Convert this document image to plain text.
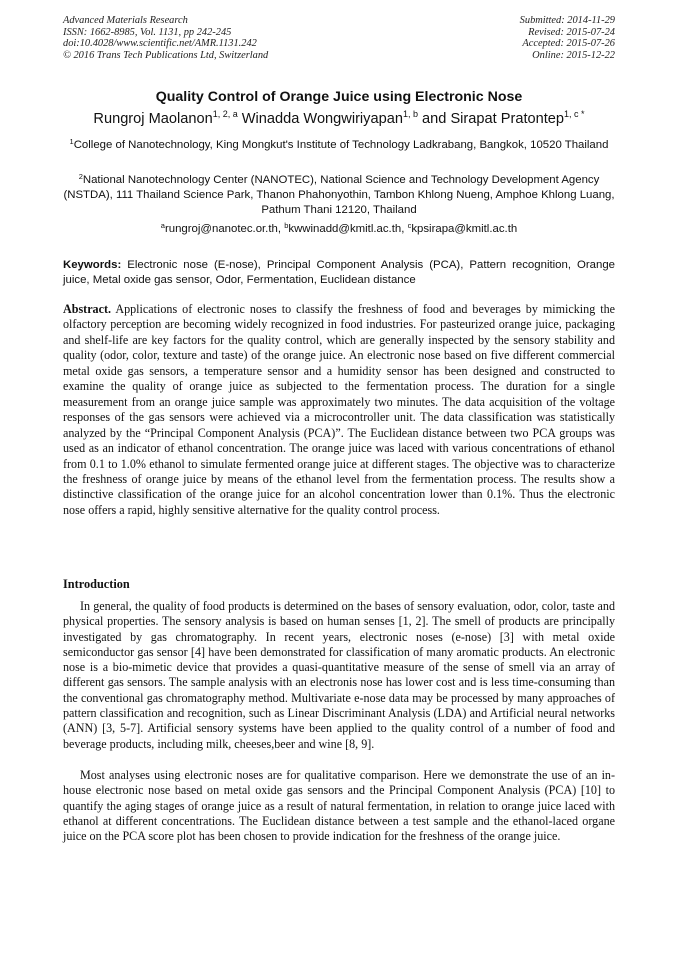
Advanced Materials Research
ISSN: 1662-8985, Vol. 1131, pp 242-245
doi:10.4028/www.scientific.net/AMR.1131.242
© 2016 Trans Tech Publications Ltd, Switzerland
Submitted: 2014-11-29
Revised: 2015-07-24
Accepted: 2015-07-26
Online: 2015-12-22
Quality Control of Orange Juice using Electronic Nose
Rungroj Maolanon$^{1, 2, a}$ Winadda Wongwiriyapan$^{1, b}$ and Sirapat Pratontep$^{1, c *}$
$^1$College of Nanotechnology, King Mongkut's Institute of Technology Ladkrabang, Bangkok, 10520 Thailand
$^2$National Nanotechnology Center (NANOTEC), National Science and Technology Development Agency (NSTDA), 111 Thailand Science Park, Thanon Phahonyothin, Tambon Khlong Nueng, Amphoe Khlong Luang, Pathum Thani 12120, Thailand
$^a$rungroj@nanotec.or.th, $^b$kwwinadd@kmitl.ac.th, $^c$kpsirapa@kmitl.ac.th
Keywords: Electronic nose (E-nose), Principal Component Analysis (PCA), Pattern recognition, Orange juice, Metal oxide gas sensor, Odor, Fermentation, Euclidean distance
Abstract. Applications of electronic noses to classify the freshness of food and beverages by mimicking the olfactory perception are becoming widely recognized in food industries. For pasteurized orange juice, packaging and shelf-life are key factors for the quality control, which are generally inspected by the sensory stability and quality (odor, color, texture and taste) of the orange juice. An electronic nose based on five different commercial metal oxide gas sensors, a temperature sensor and a humidity sensor has been designed and constructed to examine the quality of orange juice as subjected to the fermentation process. The duration for a single measurement from an orange juice sample was approximately two minutes. The data acquisition of the voltage responses of the gas sensors were achieved via a microcontroller unit. The data classification was statistically analyzed by the “Principal Component Analysis (PCA)”. The Euclidean distance between two PCA groups was used as an indicator of ethanol concentration. The orange juice was laced with various concentrations of ethanol from 0.1 to 1.0% ethanol to simulate fermented orange juice at different stages. The objective was to characterize the freshness of orange juice by means of the ethanol level from the fermentation process. The results show a distinctive classification of the orange juice for an alcohol concentration lower than 0.1%. Thus the electronic nose offers a rapid, highly sensitive alternative for the quality control process.
Introduction

In general, the quality of food products is determined on the bases of sensory evaluation, odor, color, taste and physical properties. The sensory analysis is based on human senses [1, 2]. The smell of products are principally investigated by gas chromatography. In recent years, electronic noses (e-nose) [3] with metal oxide semiconductor gas sensor [4] have been demonstrated for classification of many aromatic products. An electronic nose is a bio-mimetic device that provides a quasi-quantitative measure of the sense of smell via an array of different gas sensors. The sample analysis with an electronis nose has lower cost and is less time-consuming than the conventional gas chromatography method. Multivariate e-nose data may be processed by many approaches of pattern classification and recognition, such as Linear Discriminant Analysis (LDA) and Artificial neural networks (ANN) [3, 5-7]. Artificial sensory systems have been applied to the quality control of a number of food and beverage products, including milk, cheeses,beer and wine [8, 9].

Most analyses using electronic noses are for qualitative comparison. Here we demonstrate the use of an in-house electronic nose based on metal oxide gas sensors and the Principal Component Analysis (PCA) [10] to quantify the aging stages of orange juice as a result of natural fermentation, in relation to orange juice laced with ethanol at different concentrations. The Euclidean distance between a test sample and the ethanol-laced organe juice on the PCA score plot has been chosen to provide indication for the freshness of the orange juice.
